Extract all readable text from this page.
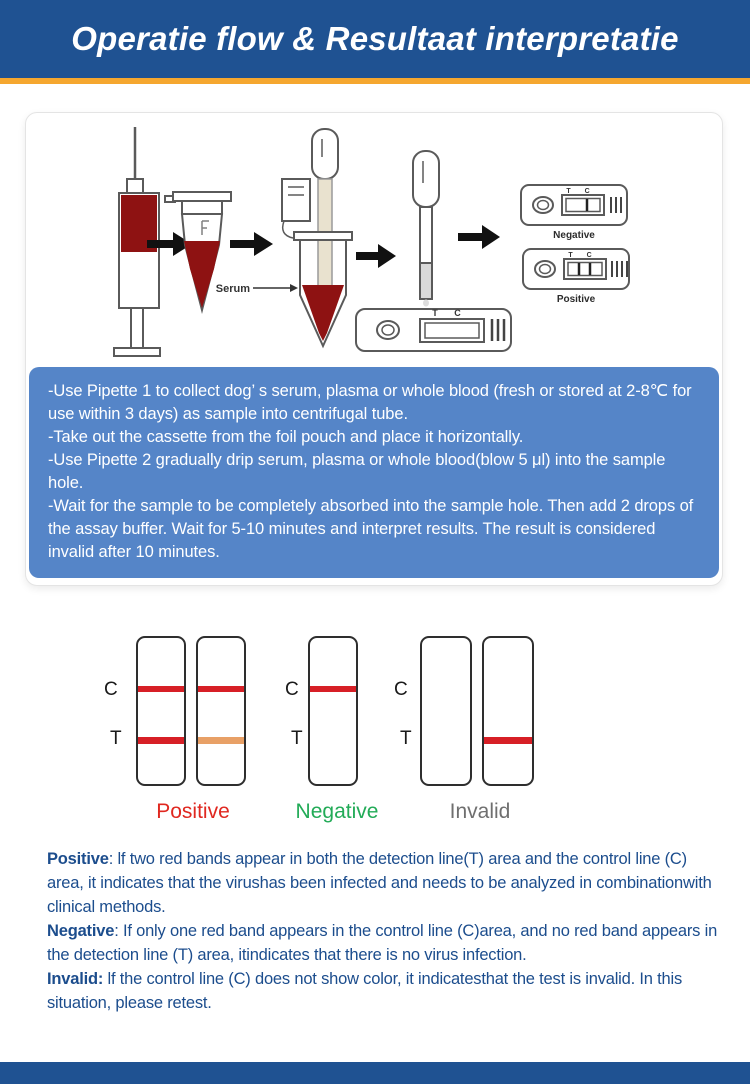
Operatie flow & Resultaat interpretatie
Serum
T C
T C
Negative
T C
Positive

-Use Pipette 1 to collect dog’ s serum, plasma or whole blood (fresh or stored at 2-8℃ for use within 3 days) as sample into centrifugal tube.

-Take out the cassette from the foil pouch and place it horizontally.

-Use Pipette 2 gradually drip serum, plasma or whole blood(blow 5 μl) into the sample hole.

-Wait for the sample to be completely absorbed into the sample hole. Then add 2 drops of the assay buffer. Wait for 5-10 minutes and interpret results. The result is considered invalid after 10 minutes.

C
T
Positive
C
T
Negative
C
T
Invalid

Positive: lf two red bands appear in both the detection line(T) area and the control line (C) area, it indicates that the virushas been infected and needs to be analyzed in combinationwith clinical methods.

Negative: If only one red band appears in the control line (C)area, and no red band appears in the detection line (T) area, itindicates that there is no virus infection.

Invalid: lf the control line (C) does not show color, it indicatesthat the test is invalid. In this situation, please retest.
